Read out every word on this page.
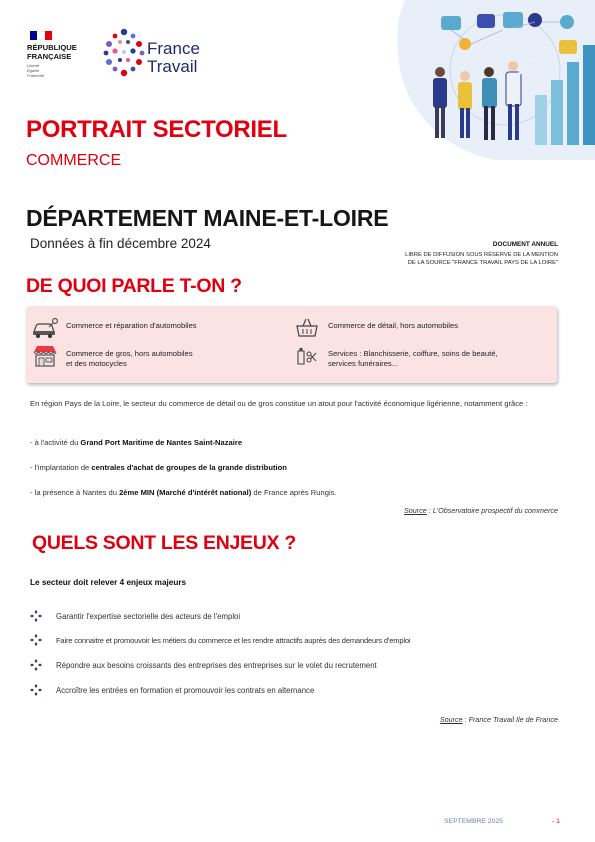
RÉPUBLIQUE
FRANÇAISE
Liberté
Égalité
Fraternité
France
Travail
PORTRAIT SECTORIEL
COMMERCE
DÉPARTEMENT MAINE-ET-LOIRE
Données à fin décembre 2024	DOCUMENT ANNUEL
LIBRE DE DIFFUSION SOUS RÉSERVE DE LA MENTION
DE LA SOURCE "FRANCE TRAVAIL PAYS DE LA LOIRE"
DE QUOI PARLE T-ON ?
Commerce et réparation d'automobiles	Commerce de détail, hors automobiles
Commerce de gros, hors automobiles
et des motocycles
Services : Blanchisserie, coiffure, soins de beauté,
services funéraires...
En région Pays de la Loire, le secteur du commerce de détail ou de gros constitue un atout pour l'activité économique ligérienne, notamment grâce :
- à l'activité du Grand Port Maritime de Nantes Saint-Nazaire
- l'implantation de centrales d'achat de groupes de la grande distribution
- la présence à Nantes du 2ème MIN (Marché d'intérêt national) de France après Rungis.
Source : L'Observatoire prospectif du commerce
QUELS SONT LES ENJEUX ?
Le secteur doit relever 4 enjeux majeurs
Garantir l'expertise sectorielle des acteurs de l'emploi
Faire connaitre et promouvoir les métiers du commerce et les rendre attractifs auprès des demandeurs d'emploi
Répondre aux besoins croissants des entreprises des entreprises sur le volet du recrutement
Accroître les entrées en formation et promouvoir les contrats en alternance
Source : France Travail Ile de France
SEPTEMBRE 2025	- 1
